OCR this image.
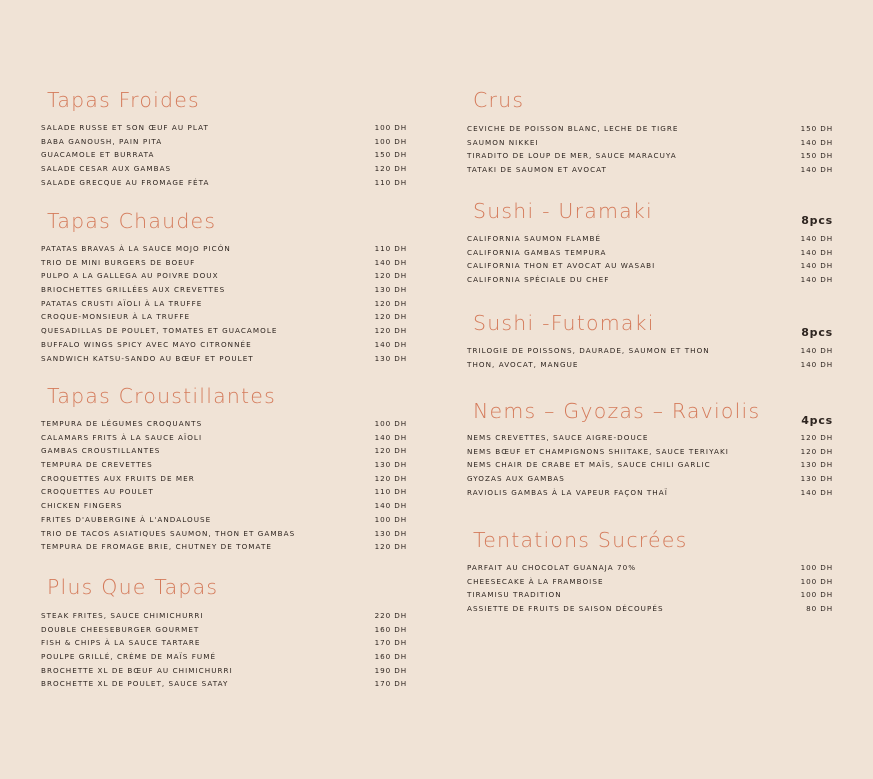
Tapas Froides
SALADE RUSSE ET SON ŒUF AU PLAT	100 DH
BABA GANOUSH, PAIN PITA	100 DH
GUACAMOLE ET BURRATA	150 DH
SALADE CESAR AUX GAMBAS	120 DH
SALADE GRECQUE AU FROMAGE FÉTA	110 DH
Tapas Chaudes
PATATAS BRAVAS À LA SAUCE MOJO PICÓN	110 DH
TRIO DE MINI BURGERS DE BOEUF	140 DH
PULPO A LA GALLEGA AU POIVRE DOUX	120 DH
BRIOCHETTES GRILLÉES AUX CREVETTES	130 DH
PATATAS CRUSTI AÏOLI À LA TRUFFE	120 DH
CROQUE-MONSIEUR À LA TRUFFE	120 DH
QUESADILLAS DE POULET, TOMATES ET GUACAMOLE	120 DH
BUFFALO WINGS SPICY AVEC MAYO CITRONNÉE	140 DH
SANDWICH KATSU-SANDO AU BŒUF ET POULET	130 DH
Tapas Croustillantes
TEMPURA DE LÉGUMES CROQUANTS	100 DH
CALAMARS FRITS À LA SAUCE AÏOLI	140 DH
GAMBAS CROUSTILLANTES	120 DH
TEMPURA DE CREVETTES	130 DH
CROQUETTES AUX FRUITS DE MER	120 DH
CROQUETTES AU POULET	110 DH
CHICKEN FINGERS	140 DH
FRITES D'AUBERGINE À L'ANDALOUSE	100 DH
TRIO DE TACOS ASIATIQUES SAUMON, THON ET GAMBAS	130 DH
TEMPURA DE FROMAGE BRIE, CHUTNEY DE TOMATE	120 DH
Plus Que Tapas
STEAK FRITES, SAUCE CHIMICHURRI	220 DH
DOUBLE CHEESEBURGER GOURMET	160 DH
FISH & CHIPS À LA SAUCE TARTARE	170 DH
POULPE GRILLÉ, CRÈME DE MAÏS FUMÉ	160 DH
BROCHETTE XL DE BŒUF AU CHIMICHURRI	190 DH
BROCHETTE XL DE POULET, SAUCE SATAY	170 DH
Crus
CEVICHE DE POISSON BLANC, LECHE DE TIGRE	150 DH
SAUMON NIKKEI	140 DH
TIRADITO DE LOUP DE MER, SAUCE MARACUYA	150 DH
TATAKI DE SAUMON ET AVOCAT	140 DH
Sushi - Uramaki	8pcs
CALIFORNIA SAUMON FLAMBÉ	140 DH
CALIFORNIA GAMBAS TEMPURA	140 DH
CALIFORNIA THON ET AVOCAT AU WASABI	140 DH
CALIFORNIA SPÉCIALE DU CHEF	140 DH
Sushi -Futomaki	8pcs
TRILOGIE DE POISSONS, DAURADE, SAUMON ET THON	140 DH
THON, AVOCAT, MANGUE	140 DH
Nems – Gyozas – Raviolis	4pcs
NEMS CREVETTES, SAUCE AIGRE-DOUCE	120 DH
NEMS BŒUF ET CHAMPIGNONS SHIITAKE, SAUCE TERIYAKI	120 DH
NEMS CHAIR DE CRABE ET MAÏS, SAUCE CHILI GARLIC	130 DH
GYOZAS AUX GAMBAS	130 DH
RAVIOLIS GAMBAS À LA VAPEUR FAÇON THAÏ	140 DH
Tentations Sucrées
PARFAIT AU CHOCOLAT GUANAJA 70%	100 DH
CHEESECAKE À LA FRAMBOISE	100 DH
TIRAMISU TRADITION	100 DH
ASSIETTE DE FRUITS DE SAISON DÉCOUPÉS	80 DH
